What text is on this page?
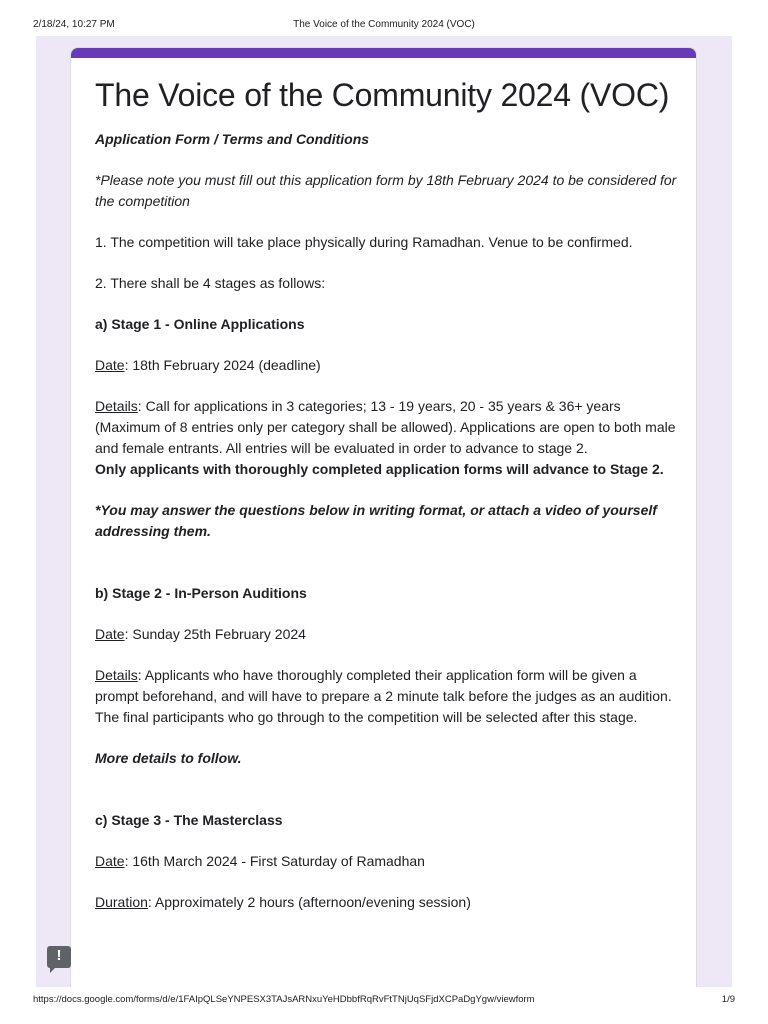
2/18/24, 10:27 PM	The Voice of the Community 2024 (VOC)
The Voice of the Community 2024 (VOC)

Application Form / Terms and Conditions

*Please note you must fill out this application form by 18th February 2024 to be considered for the competition

1. The competition will take place physically during Ramadhan. Venue to be confirmed.

2. There shall be 4 stages as follows:

a) Stage 1 - Online Applications

Date: 18th February 2024 (deadline)

Details: Call for applications in 3 categories; 13 - 19 years, 20 - 35 years & 36+ years (Maximum of 8 entries only per category shall be allowed). Applications are open to both male and female entrants. All entries will be evaluated in order to advance to stage 2.
Only applicants with thoroughly completed application forms will advance to Stage 2.

*You may answer the questions below in writing format, or attach a video of yourself addressing them.

b) Stage 2 - In-Person Auditions

Date: Sunday 25th February 2024

Details: Applicants who have thoroughly completed their application form will be given a prompt beforehand, and will have to prepare a 2 minute talk before the judges as an audition. The final participants who go through to the competition will be selected after this stage.

More details to follow.

c) Stage 3 - The Masterclass

Date: 16th March 2024 - First Saturday of Ramadhan

Duration: Approximately 2 hours (afternoon/evening session)

!
https://docs.google.com/forms/d/e/1FAIpQLSeYNPESX3TAJsARNxuYeHDbbfRqRvFtTNjUqSFjdXCPaDgYgw/viewform	1/9
